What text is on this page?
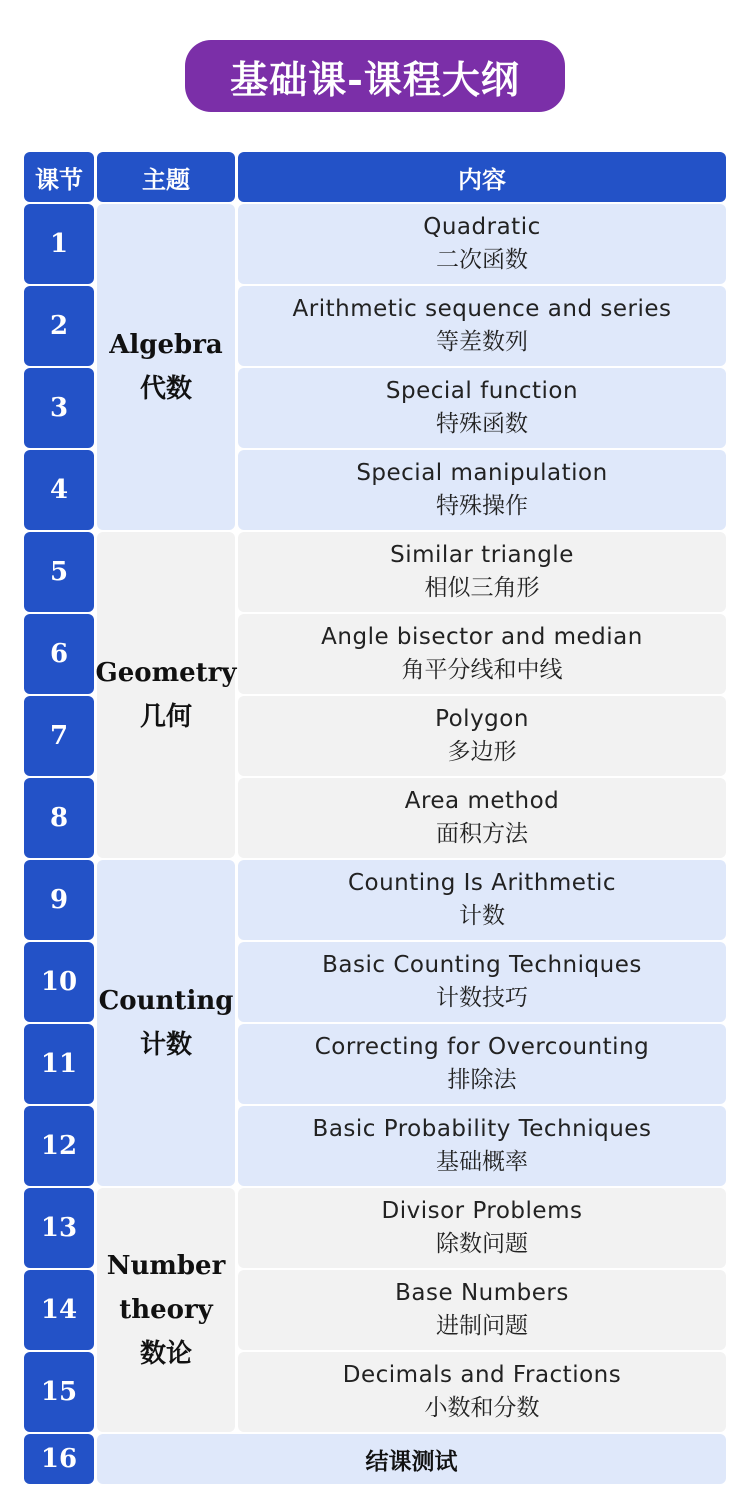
基础课-课程大纲
课节	主题	内容
1
2
3
4
5
6
7
8
9
10
11
12
13
14
15
16
Algebra
代数
Geometry
几何
Counting
计数
Number
theory
数论
Quadratic
二次函数
Arithmetic sequence and series
等差数列
Special function
特殊函数
Special manipulation
特殊操作
Similar triangle
相似三角形
Angle bisector and median
角平分线和中线
Polygon
多边形
Area method
面积方法
Counting Is Arithmetic
计数
Basic Counting Techniques
计数技巧
Correcting for Overcounting
排除法
Basic Probability Techniques
基础概率
Divisor Problems
除数问题
Base Numbers
进制问题
Decimals and Fractions
小数和分数
结课测试
